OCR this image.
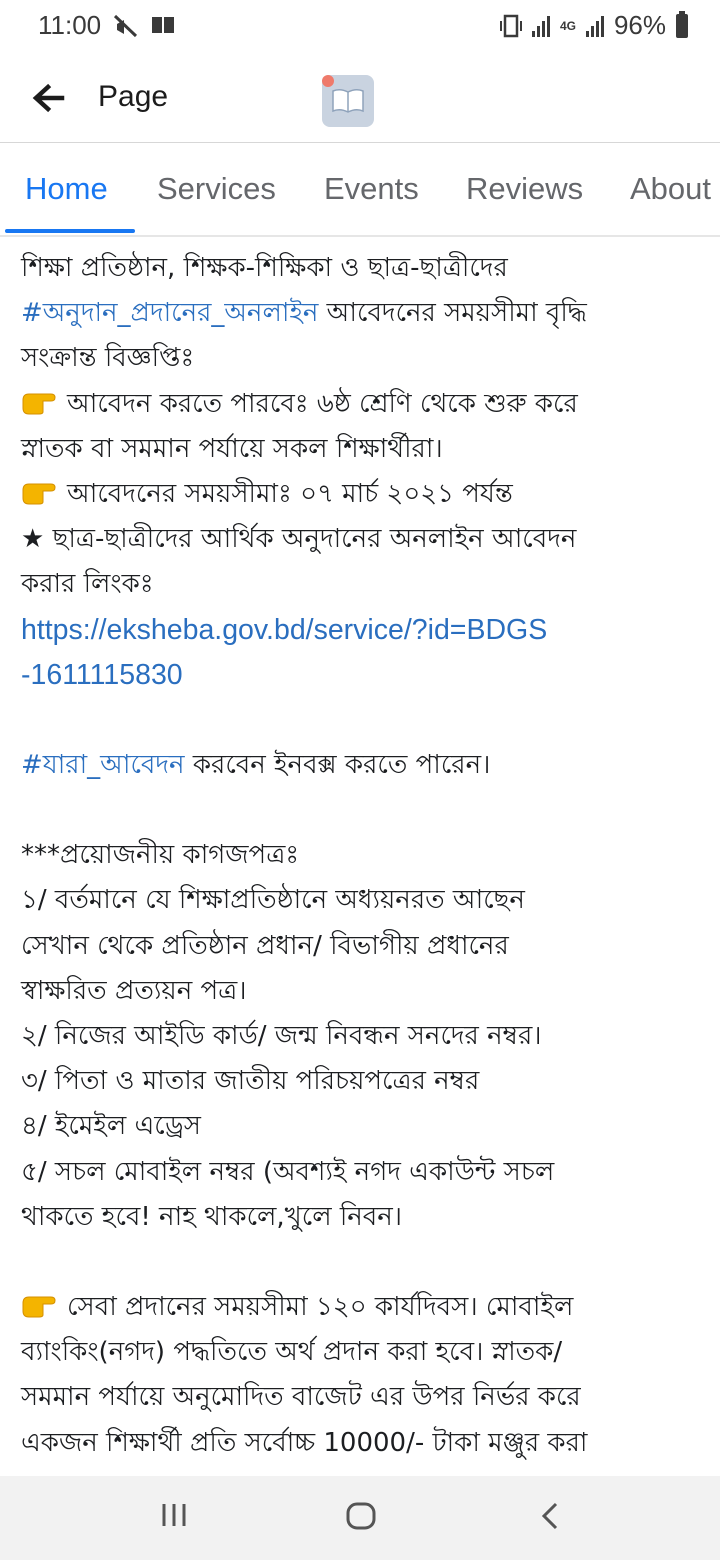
11:00	4G 96%
Page
Home Services Events Reviews About

শিক্ষা প্রতিষ্ঠান, শিক্ষক-শিক্ষিকা ও ছাত্র-ছাত্রীদের

#অনুদান_প্রদানের_অনলাইন আবেদনের সময়সীমা বৃদ্ধি

সংক্রান্ত বিজ্ঞপ্তিঃ

আবেদন করতে পারবেঃ ৬ষ্ঠ শ্রেণি থেকে শুরু করে

স্নাতক বা সমমান পর্যায়ে সকল শিক্ষার্থীরা।

আবেদনের সময়সীমাঃ ০৭ মার্চ ২০২১ পর্যন্ত

★ ছাত্র-ছাত্রীদের আর্থিক অনুদানের অনলাইন আবেদন

করার লিংকঃ

https://eksheba.gov.bd/service/?id=BDGS
-1611115830

#যারা_আবেদন করবেন ইনবক্স করতে পারেন।

***প্রয়োজনীয় কাগজপত্রঃ

১/ বর্তমানে যে শিক্ষাপ্রতিষ্ঠানে অধ্যয়নরত আছেন

সেখান থেকে প্রতিষ্ঠান প্রধান/ বিভাগীয় প্রধানের

স্বাক্ষরিত প্রত্যয়ন পত্র।

২/ নিজের আইডি কার্ড/ জন্ম নিবন্ধন সনদের নম্বর।

৩/ পিতা ও মাতার জাতীয় পরিচয়পত্রের নম্বর

৪/ ইমেইল এড্রেস

৫/ সচল মোবাইল নম্বর (অবশ্যই নগদ একাউন্ট সচল

থাকতে হবে! নাহ থাকলে,খুলে নিবন।

সেবা প্রদানের সময়সীমা ১২০ কার্যদিবস। মোবাইল

ব্যাংকিং(নগদ) পদ্ধতিতে অর্থ প্রদান করা হবে। স্নাতক/

সমমান পর্যায়ে অনুমোদিত বাজেট এর উপর নির্ভর করে

একজন শিক্ষার্থী প্রতি সর্বোচ্চ 10000/- টাকা মঞ্জুর করা
